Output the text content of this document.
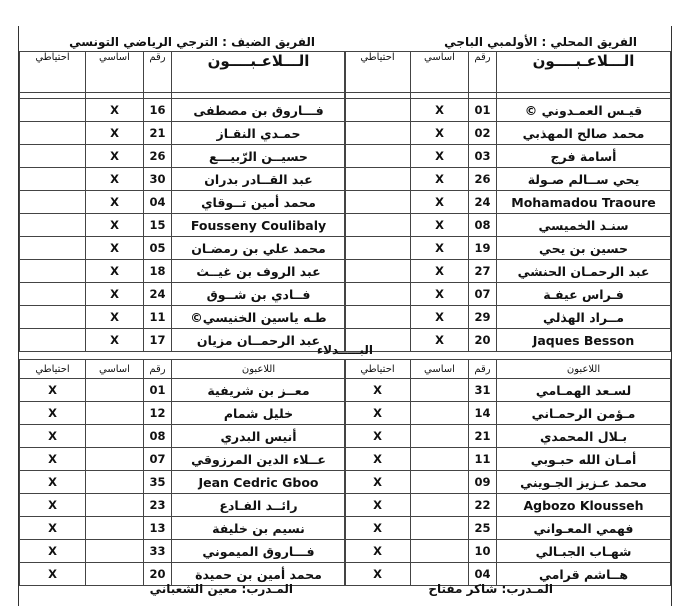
الفريق المحلي : الأولمبي الباجي
الفريق الضيف : الترجي الرياضي التونسي
احتياطي	اساسي	رقم	الـــلاعـبــــون

	X	01	قيـس العمـدوني ©
	X	02	محمد صالح المهذبي
	X	03	أسامة فرج
	X	26	يحي ســالم صـولة
	X	24	Mohamadou Traoure
	X	08	سنـد الخميسي
	X	19	حسين بن يحي
	X	27	عبد الرحمـان الحنشي
	X	07	فـراس عيفـة
	X	29	مــراد الهذلي
	X	20	Jaques Besson
احتياطي	اساسي	رقم	الـــلاعـبــــون

	X	16	فـــاروق بن مصطفى
	X	21	حمـدي النقـاز
	X	26	حسيــن الرّبيـــع
	X	30	عبد القــادر بدران
	X	04	محمد أمين تــوقاي
	X	15	Fousseny Coulibaly
	X	05	محمد علي بن رمضـان
	X	18	عبد الروف بن غيــث
	X	24	فــادي بن شــوق
	X	11	طـه ياسين الخنيسي©
	X	17	عبد الرحمــان مزيان
البـــــدلاء
احتياطي	اساسي	رقم	اللاعبون
X		31	لسـعد الهمـامي
X		14	مـؤمن الرحمـاني
X		21	بـلال المحمدي
X		11	أمـان الله حبـوبي
X		09	محمد عـزيز الجـويني
X		22	Agbozo Klousseh
X		25	فهمي المعـواني
X		10	شهـاب الجبـالي
X		04	هــاشم قرامي
احتياطي	اساسي	رقم	اللاعبون
X		01	معــز بن شريفية
X		12	خليل شمام
X		08	أنيس البدري
X		07	عــلاء الدين المرزوقي
X		35	Jean Cedric Gboo
X		23	رائــد الفـادع
X		13	نسيم بن خليفة
X		33	فـــاروق الميموني
X		20	محمد أمين بن حميدة
المـدرب: شاكر مفتاح
المـدرب: معين الشعباني
